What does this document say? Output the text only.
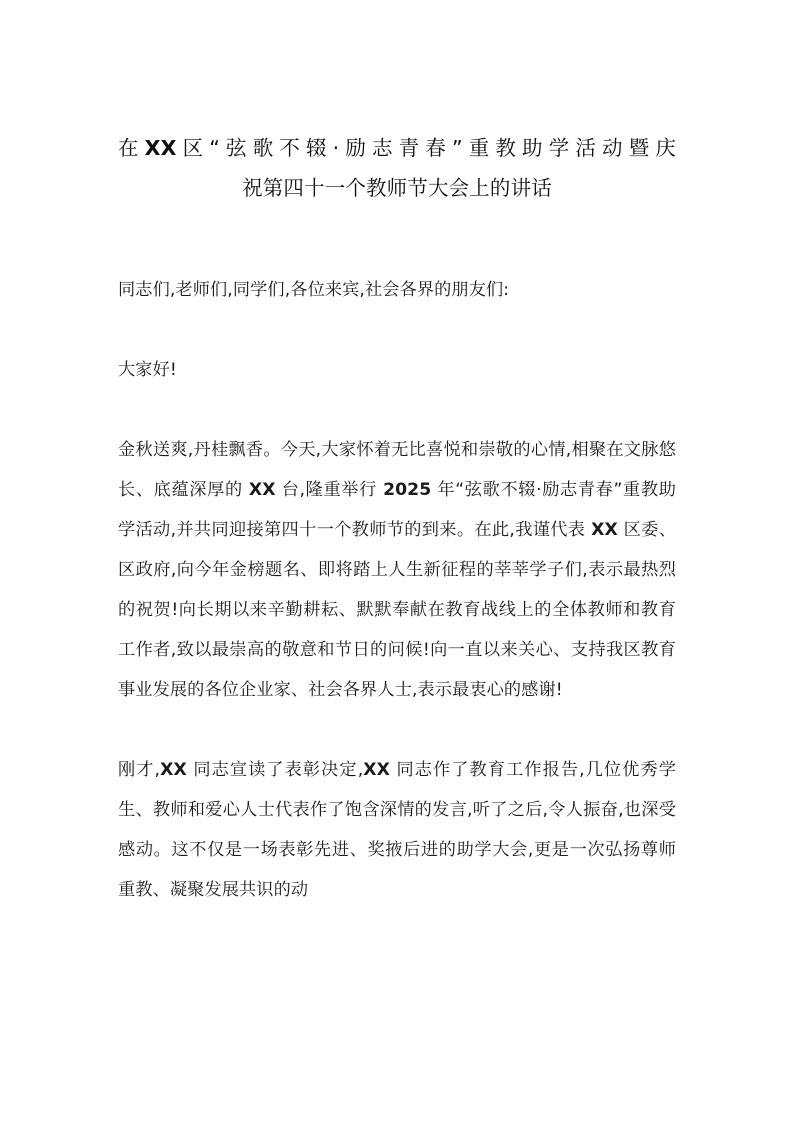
在XX区“弦歌不辍·励志青春”重教助学活动暨庆
祝第四十一个教师节大会上的讲话

同志们,老师们,同学们,各位来宾,社会各界的朋友们:

大家好!

金秋送爽,丹桂飘香。今天,大家怀着无比喜悦和崇敬的心情,相聚在文脉悠长、底蕴深厚的 XX 台,隆重举行 2025 年“弦歌不辍·励志青春”重教助学活动,并共同迎接第四十一个教师节的到来。在此,我谨代表 XX 区委、区政府,向今年金榜题名、即将踏上人生新征程的莘莘学子们,表示最热烈的祝贺!向长期以来辛勤耕耘、默默奉献在教育战线上的全体教师和教育工作者,致以最崇高的敬意和节日的问候!向一直以来关心、支持我区教育事业发展的各位企业家、社会各界人士,表示最衷心的感谢!

刚才,XX 同志宣读了表彰决定,XX 同志作了教育工作报告,几位优秀学生、教师和爱心人士代表作了饱含深情的发言,听了之后,令人振奋,也深受感动。这不仅是一场表彰先进、奖掖后进的助学大会,更是一次弘扬尊师重教、凝聚发展共识的动
